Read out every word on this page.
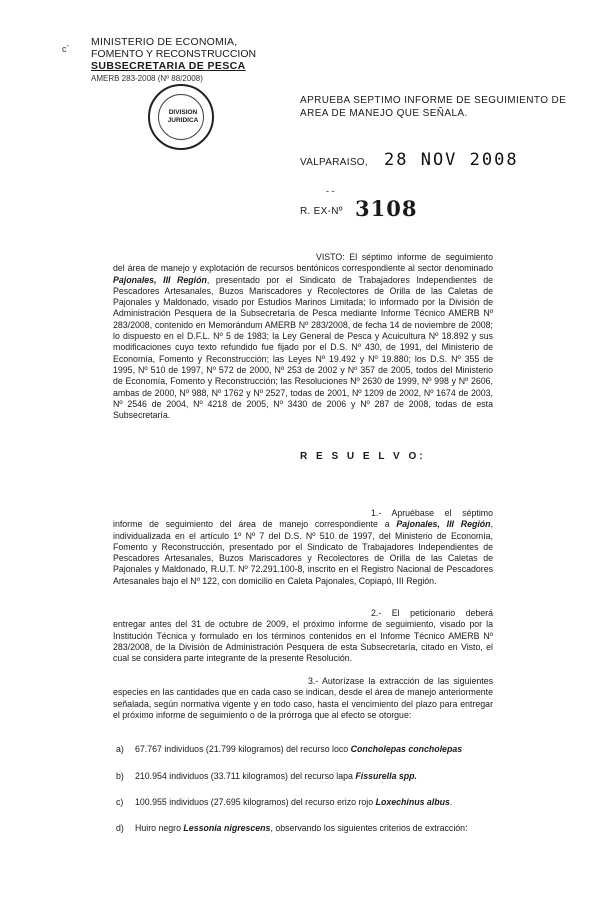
c´
MINISTERIO DE ECONOMIA,
FOMENTO Y RECONSTRUCCION
SUBSECRETARIA DE PESCA
AMERB 283-2008 (Nº 88/2008)
DIVISION
JURIDICA
APRUEBA SEPTIMO INFORME DE SEGUIMIENTO DE AREA DE MANEJO QUE SEÑALA.
VALPARAISO, 28 NOV 2008
- -
R. EX-Nº 3108

VISTO: El séptimo informe de seguimiento del área de manejo y explotación de recursos bentónicos correspondiente al sector denominado Pajonales, III Región, presentado por el Sindicato de Trabajadores Independientes de Pescadores Artesanales, Buzos Mariscadores y Recolectores de Orilla de las Caletas de Pajonales y Maldonado, visado por Estudios Marinos Limitada; lo informado por la División de Administración Pesquera de la Subsecretaría de Pesca mediante Informe Técnico AMERB Nº 283/2008, contenido en Memorándum AMERB Nº 283/2008, de fecha 14 de noviembre de 2008; lo dispuesto en el D.F.L. Nº 5 de 1983; la Ley General de Pesca y Acuicultura Nº 18.892 y sus modificaciones cuyo texto refundido fue fijado por el D.S. Nº 430, de 1991, del Ministerio de Economía, Fomento y Reconstrucción; las Leyes Nº 19.492 y Nº 19.880; los D.S. Nº 355 de 1995, Nº 510 de 1997, Nº 572 de 2000, Nº 253 de 2002 y Nº 357 de 2005, todos del Ministerio de Economía, Fomento y Reconstrucción; las Resoluciones Nº 2630 de 1999, Nº 998 y Nº 2606, ambas de 2000, Nº 988, Nº 1762 y Nº 2527, todas de 2001, Nº 1209 de 2002, Nº 1674 de 2003, Nº 2546 de 2004, Nº 4218 de 2005, Nº 3430 de 2006 y Nº 287 de 2008, todas de esta Subsecretaría.

R E S U E L V O:

1.- Apruébase el séptimo informe de seguimiento del área de manejo correspondiente a Pajonales, III Región, individualizada en el artículo 1º Nº 7 del D.S. Nº 510 de 1997, del Ministerio de Economía, Fomento y Reconstrucción, presentado por el Sindicato de Trabajadores Independientes de Pescadores Artesanales, Buzos Mariscadores y Recolectores de Orilla de las Caletas de Pajonales y Maldonado, R.U.T. Nº 72.291.100-8, inscrito en el Registro Nacional de Pescadores Artesanales bajo el Nº 122, con domicilio en Caleta Pajonales, Copiapó, III Región.

2.- El peticionario deberá entregar antes del 31 de octubre de 2009, el próximo informe de seguimiento, visado por la Institución Técnica y formulado en los términos contenidos en el Informe Técnico AMERB Nº 283/2008, de la División de Administración Pesquera de esta Subsecretaría, citado en Visto, el cual se considera parte integrante de la presente Resolución.

3.- Autorízase la extracción de las siguientes especies en las cantidades que en cada caso se indican, desde el área de manejo anteriormente señalada, según normativa vigente y en todo caso, hasta el vencimiento del plazo para entregar el próximo informe de seguimiento o de la prórroga que al efecto se otorgue:

a) 67.767 individuos (21.799 kilogramos) del recurso loco Concholepas concholepas
b) 210.954 individuos (33.711 kilogramos) del recurso lapa Fissurella spp.
c) 100.955 individuos (27.695 kilogramos) del recurso erizo rojo Loxechinus albus.
d) Huiro negro Lessonia nigrescens, observando los siguientes criterios de extracción:
